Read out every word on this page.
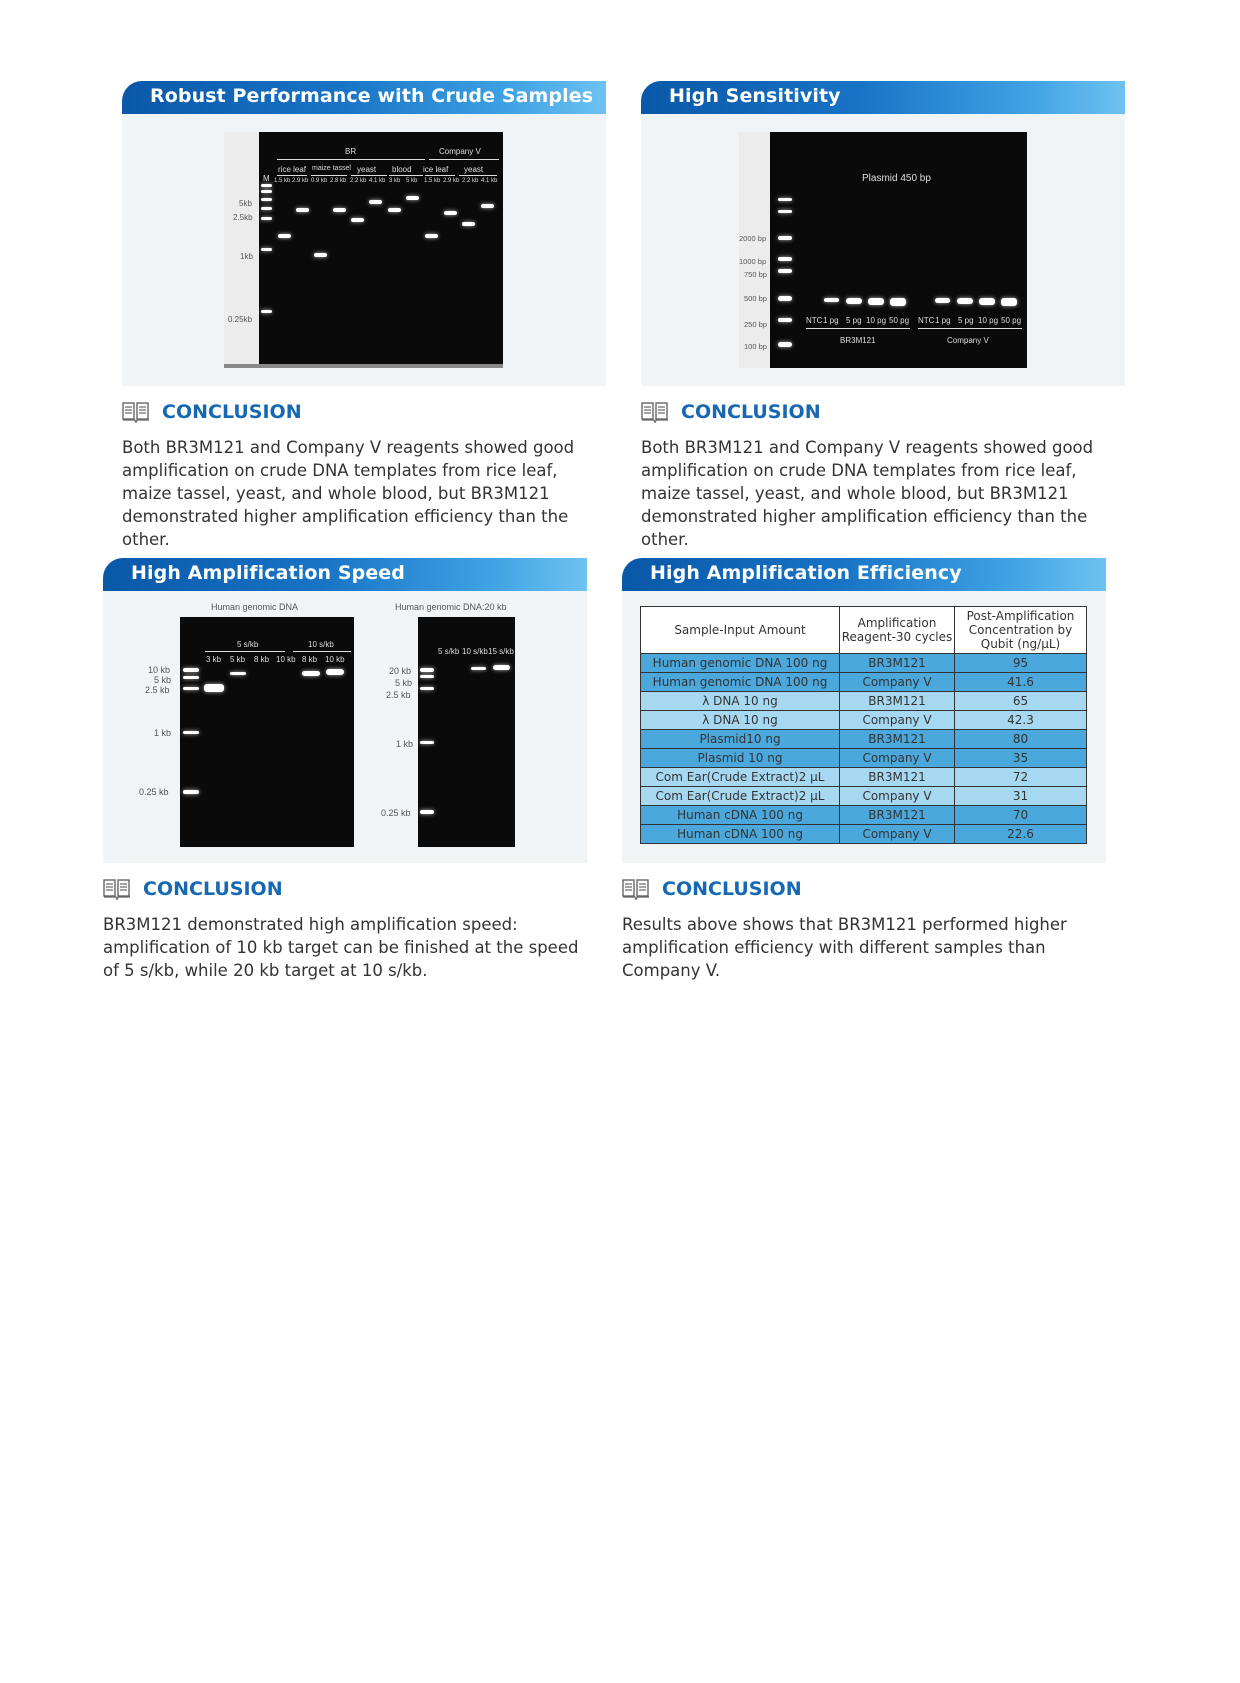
Robust Performance with Crude Samples
BR	Company V
M
rice leaf maize tassel yeast blood ice leaf yeast
1.5 kb 2.9 kb 0.9 kb 2.8 kb 2.2 kb 4.1 kb 3 kb 5 kb 1.5 kb 2.9 kb 2.2 kb 4.1 kb
5kb
2.5kb
1kb
0.25kb
CONCLUSION
Both BR3M121 and Company V reagents showed good amplification on crude DNA templates from rice leaf, maize tassel, yeast, and whole blood, but BR3M121 demonstrated higher amplification efficiency than the other.
High Sensitivity
Plasmid 450 bp
NTC 1 pg 5 pg 10 pg 50 pg
BR3M121
NTC 1 pg 5 pg 10 pg 50 pg
Company V
2000 bp
1000 bp
750 bp
500 bp
250 bp
100 bp
CONCLUSION
Both BR3M121 and Company V reagents showed good amplification on crude DNA templates from rice leaf, maize tassel, yeast, and whole blood, but BR3M121 demonstrated higher amplification efficiency than the other.
High Amplification Speed
Human genomic DNA
5 s/kb	10 s/kb
3 kb 5 kb 8 kb 10 kb 8 kb 10 kb
10 kb
5 kb
2.5 kb
1 kb
0.25 kb
Human genomic DNA:20 kb
5 s/kb 10 s/kb 15 s/kb
20 kb
5 kb
2.5 kb
1 kb
0.25 kb
CONCLUSION
BR3M121 demonstrated high amplification speed: amplification of 10 kb target can be finished at the speed of 5 s/kb, while 20 kb target at 10 s/kb.
High Amplification Efficiency
Sample-Input Amount	Amplification Reagent-30 cycles	Post-Amplification Concentration by Qubit (ng/μL)
Human genomic DNA 100 ng	BR3M121	95
Human genomic DNA 100 ng	Company V	41.6
λ DNA 10 ng	BR3M121	65
λ DNA 10 ng	Company V	42.3
Plasmid10 ng	BR3M121	80
Plasmid 10 ng	Company V	35
Com Ear(Crude Extract)2 μL	BR3M121	72
Com Ear(Crude Extract)2 μL	Company V	31
Human cDNA 100 ng	BR3M121	70
Human cDNA 100 ng	Company V	22.6
CONCLUSION
Results above shows that BR3M121 performed higher amplification efficiency with different samples than Company V.
